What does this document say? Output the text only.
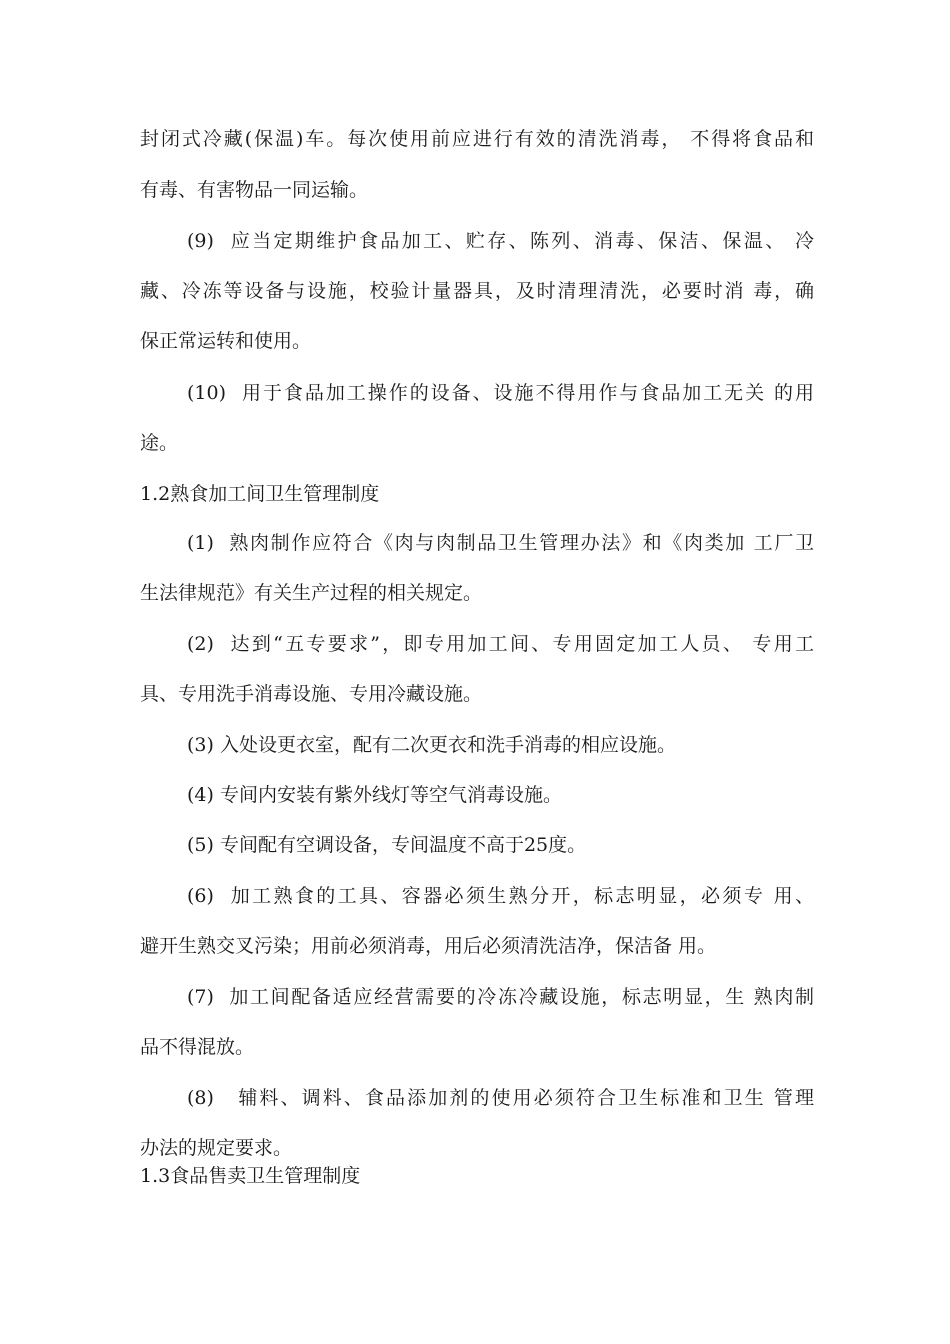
封闭式冷藏(保温)车。每次使用前应进行有效的清洗消毒， 不得将食品和
有毒、有害物品一同运输。
(9)  应当定期维护食品加工、贮存、陈列、消毒、保洁、保温、 冷
藏、冷冻等设备与设施，校验计量器具，及时清理清洗，必要时消 毒，确
保正常运转和使用。
(10)  用于食品加工操作的设备、设施不得用作与食品加工无关 的用
途。
1.2熟食加工间卫生管理制度
(1)  熟肉制作应符合《肉与肉制品卫生管理办法》和《肉类加 工厂卫
生法律规范》有关生产过程的相关规定。
(2)  达到“五专要求”，即专用加工间、专用固定加工人员、 专用工
具、专用洗手消毒设施、专用冷藏设施。
(3) 入处设更衣室，配有二次更衣和洗手消毒的相应设施。
(4) 专间内安装有紫外线灯等空气消毒设施。
(5) 专间配有空调设备，专间温度不高于25度。
(6)  加工熟食的工具、容器必须生熟分开，标志明显，必须专 用、
避开生熟交叉污染；用前必须消毒，用后必须清洗洁净，保洁备 用。
(7)  加工间配备适应经营需要的冷冻冷藏设施，标志明显，生 熟肉制
品不得混放。
(8)   辅料、调料、食品添加剂的使用必须符合卫生标准和卫生 管理
办法的规定要求。
1.3食品售卖卫生管理制度
